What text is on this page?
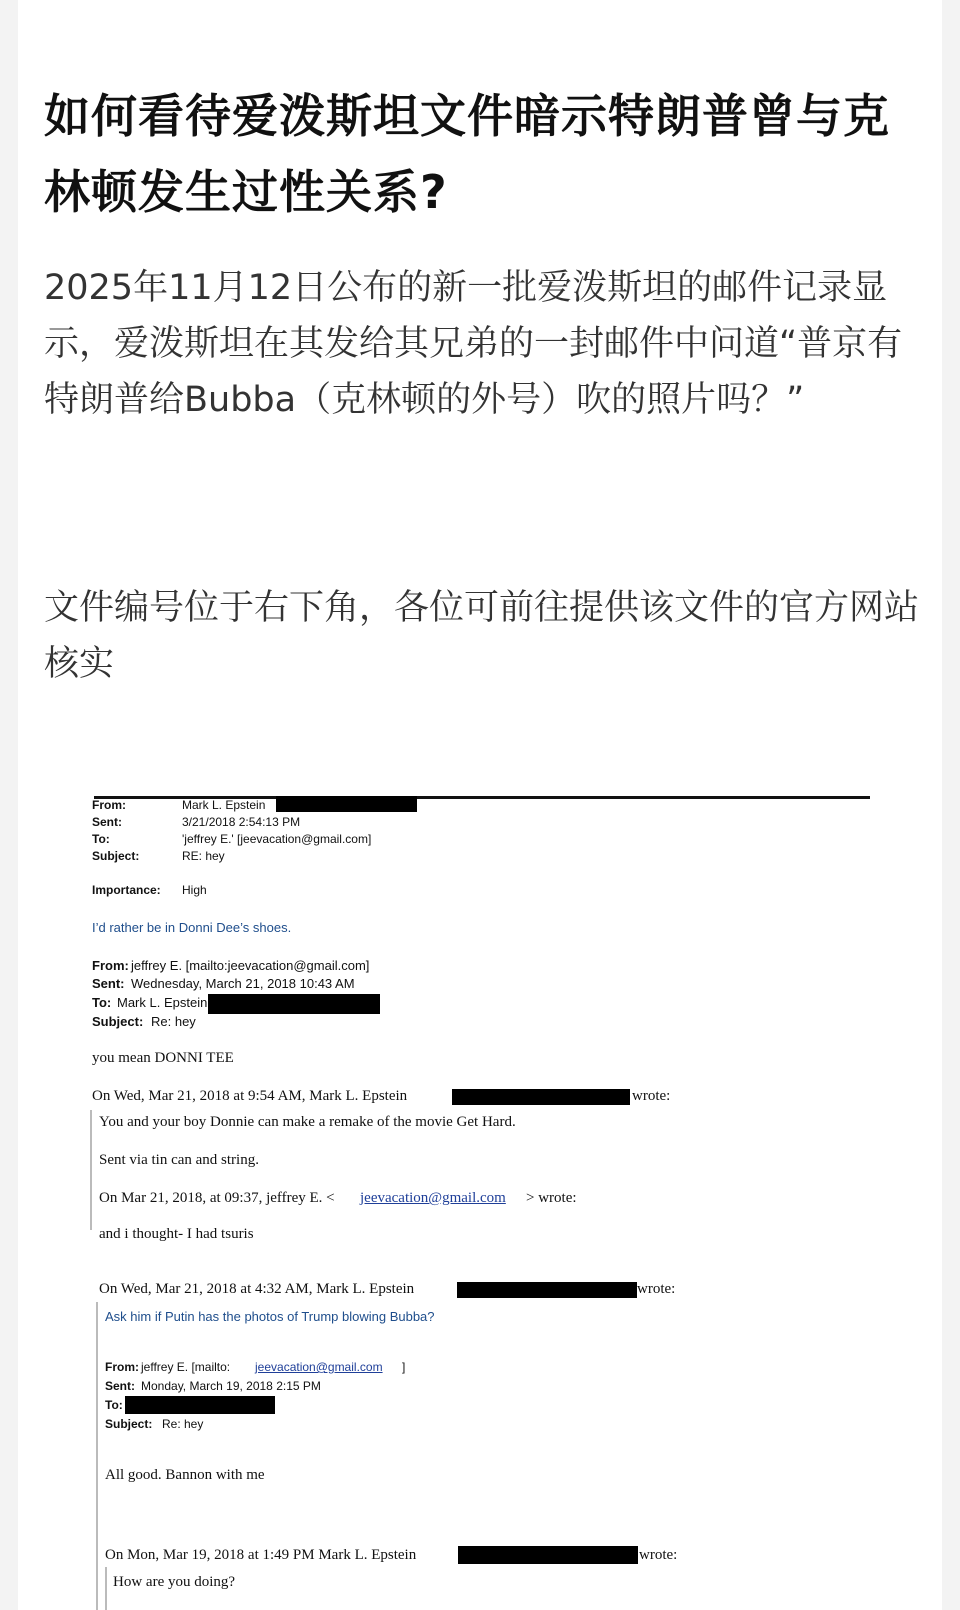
如何看待爱泼斯坦文件暗示特朗普曾与克林顿发生过性关系?
2025年11月12日公布的新一批爱泼斯坦的邮件记录显示，爱泼斯坦在其发给其兄弟的一封邮件中问道“普京有特朗普给Bubba（克林顿的外号）吹的照片吗？”
文件编号位于右下角，各位可前往提供该文件的官方网站核实
From:	Mark L. Epstein
Sent:	3/21/2018 2:54:13 PM
To:	'jeffrey E.' [jeevacation@gmail.com]
Subject:	RE: hey
Importance: High
I’d rather be in Donni Dee’s shoes.
From: jeffrey E. [mailto:jeevacation@gmail.com]
Sent: Wednesday, March 21, 2018 10:43 AM
To: Mark L. Epstein
Subject: Re: hey
you mean DONNI TEE
On Wed, Mar 21, 2018 at 9:54 AM, Mark L. Epstein	wrote:
You and your boy Donnie can make a remake of the movie Get Hard.
Sent via tin can and string.
On Mar 21, 2018, at 09:37, jeffrey E. < jeevacation@gmail.com > wrote:
and i thought- I had tsuris
On Wed, Mar 21, 2018 at 4:32 AM, Mark L. Epstein	wrote:
Ask him if Putin has the photos of Trump blowing Bubba?
From: jeffrey E. [mailto: jeevacation@gmail.com ]
Sent: Monday, March 19, 2018 2:15 PM
To:
Subject: Re: hey
All good. Bannon with me
On Mon, Mar 19, 2018 at 1:49 PM Mark L. Epstein	wrote:
How are you doing?
